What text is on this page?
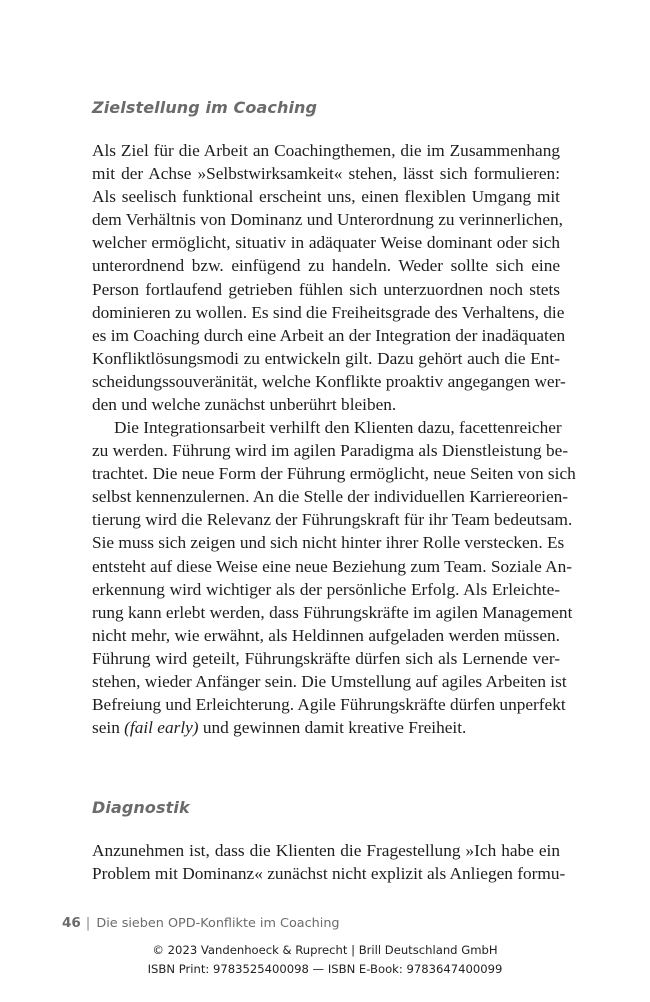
Zielstellung im Coaching
Als Ziel für die Arbeit an Coachingthemen, die im Zusammenhang
mit der Achse »Selbstwirksamkeit« stehen, lässt sich formulieren:
Als seelisch funktional erscheint uns, einen flexiblen Umgang mit
dem Verhältnis von Dominanz und Unterordnung zu verinnerlichen,
welcher ermöglicht, situativ in adäquater Weise dominant oder sich
unterordnend bzw. einfügend zu handeln. Weder sollte sich eine
Person fortlaufend getrieben fühlen sich unterzuordnen noch stets
dominieren zu wollen. Es sind die Freiheitsgrade des Verhaltens, die
es im Coaching durch eine Arbeit an der Integration der inadäquaten
Konfliktlösungsmodi zu entwickeln gilt. Dazu gehört auch die Ent-
scheidungssouveränität, welche Konflikte proaktiv angegangen wer-
den und welche zunächst unberührt bleiben.
Die Integrationsarbeit verhilft den Klienten dazu, facettenreicher
zu werden. Führung wird im agilen Paradigma als Dienstleistung be-
trachtet. Die neue Form der Führung ermöglicht, neue Seiten von sich
selbst kennenzulernen. An die Stelle der individuellen Karriereorien-
tierung wird die Relevanz der Führungskraft für ihr Team bedeutsam.
Sie muss sich zeigen und sich nicht hinter ihrer Rolle verstecken. Es
entsteht auf diese Weise eine neue Beziehung zum Team. Soziale An-
erkennung wird wichtiger als der persönliche Erfolg. Als Erleichte-
rung kann erlebt werden, dass Führungskräfte im agilen Management
nicht mehr, wie erwähnt, als Heldinnen aufgeladen werden müssen.
Führung wird geteilt, Führungskräfte dürfen sich als Lernende ver-
stehen, wieder Anfänger sein. Die Umstellung auf agiles Arbeiten ist
Befreiung und Erleichterung. Agile Führungskräfte dürfen unperfekt
sein (fail early) und gewinnen damit kreative Freiheit.
Diagnostik
Anzunehmen ist, dass die Klienten die Fragestellung »Ich habe ein
Problem mit Dominanz« zunächst nicht explizit als Anliegen formu-
46 | Die sieben OPD-Konflikte im Coaching
© 2023 Vandenhoeck & Ruprecht | Brill Deutschland GmbH
ISBN Print: 9783525400098 — ISBN E-Book: 9783647400099
